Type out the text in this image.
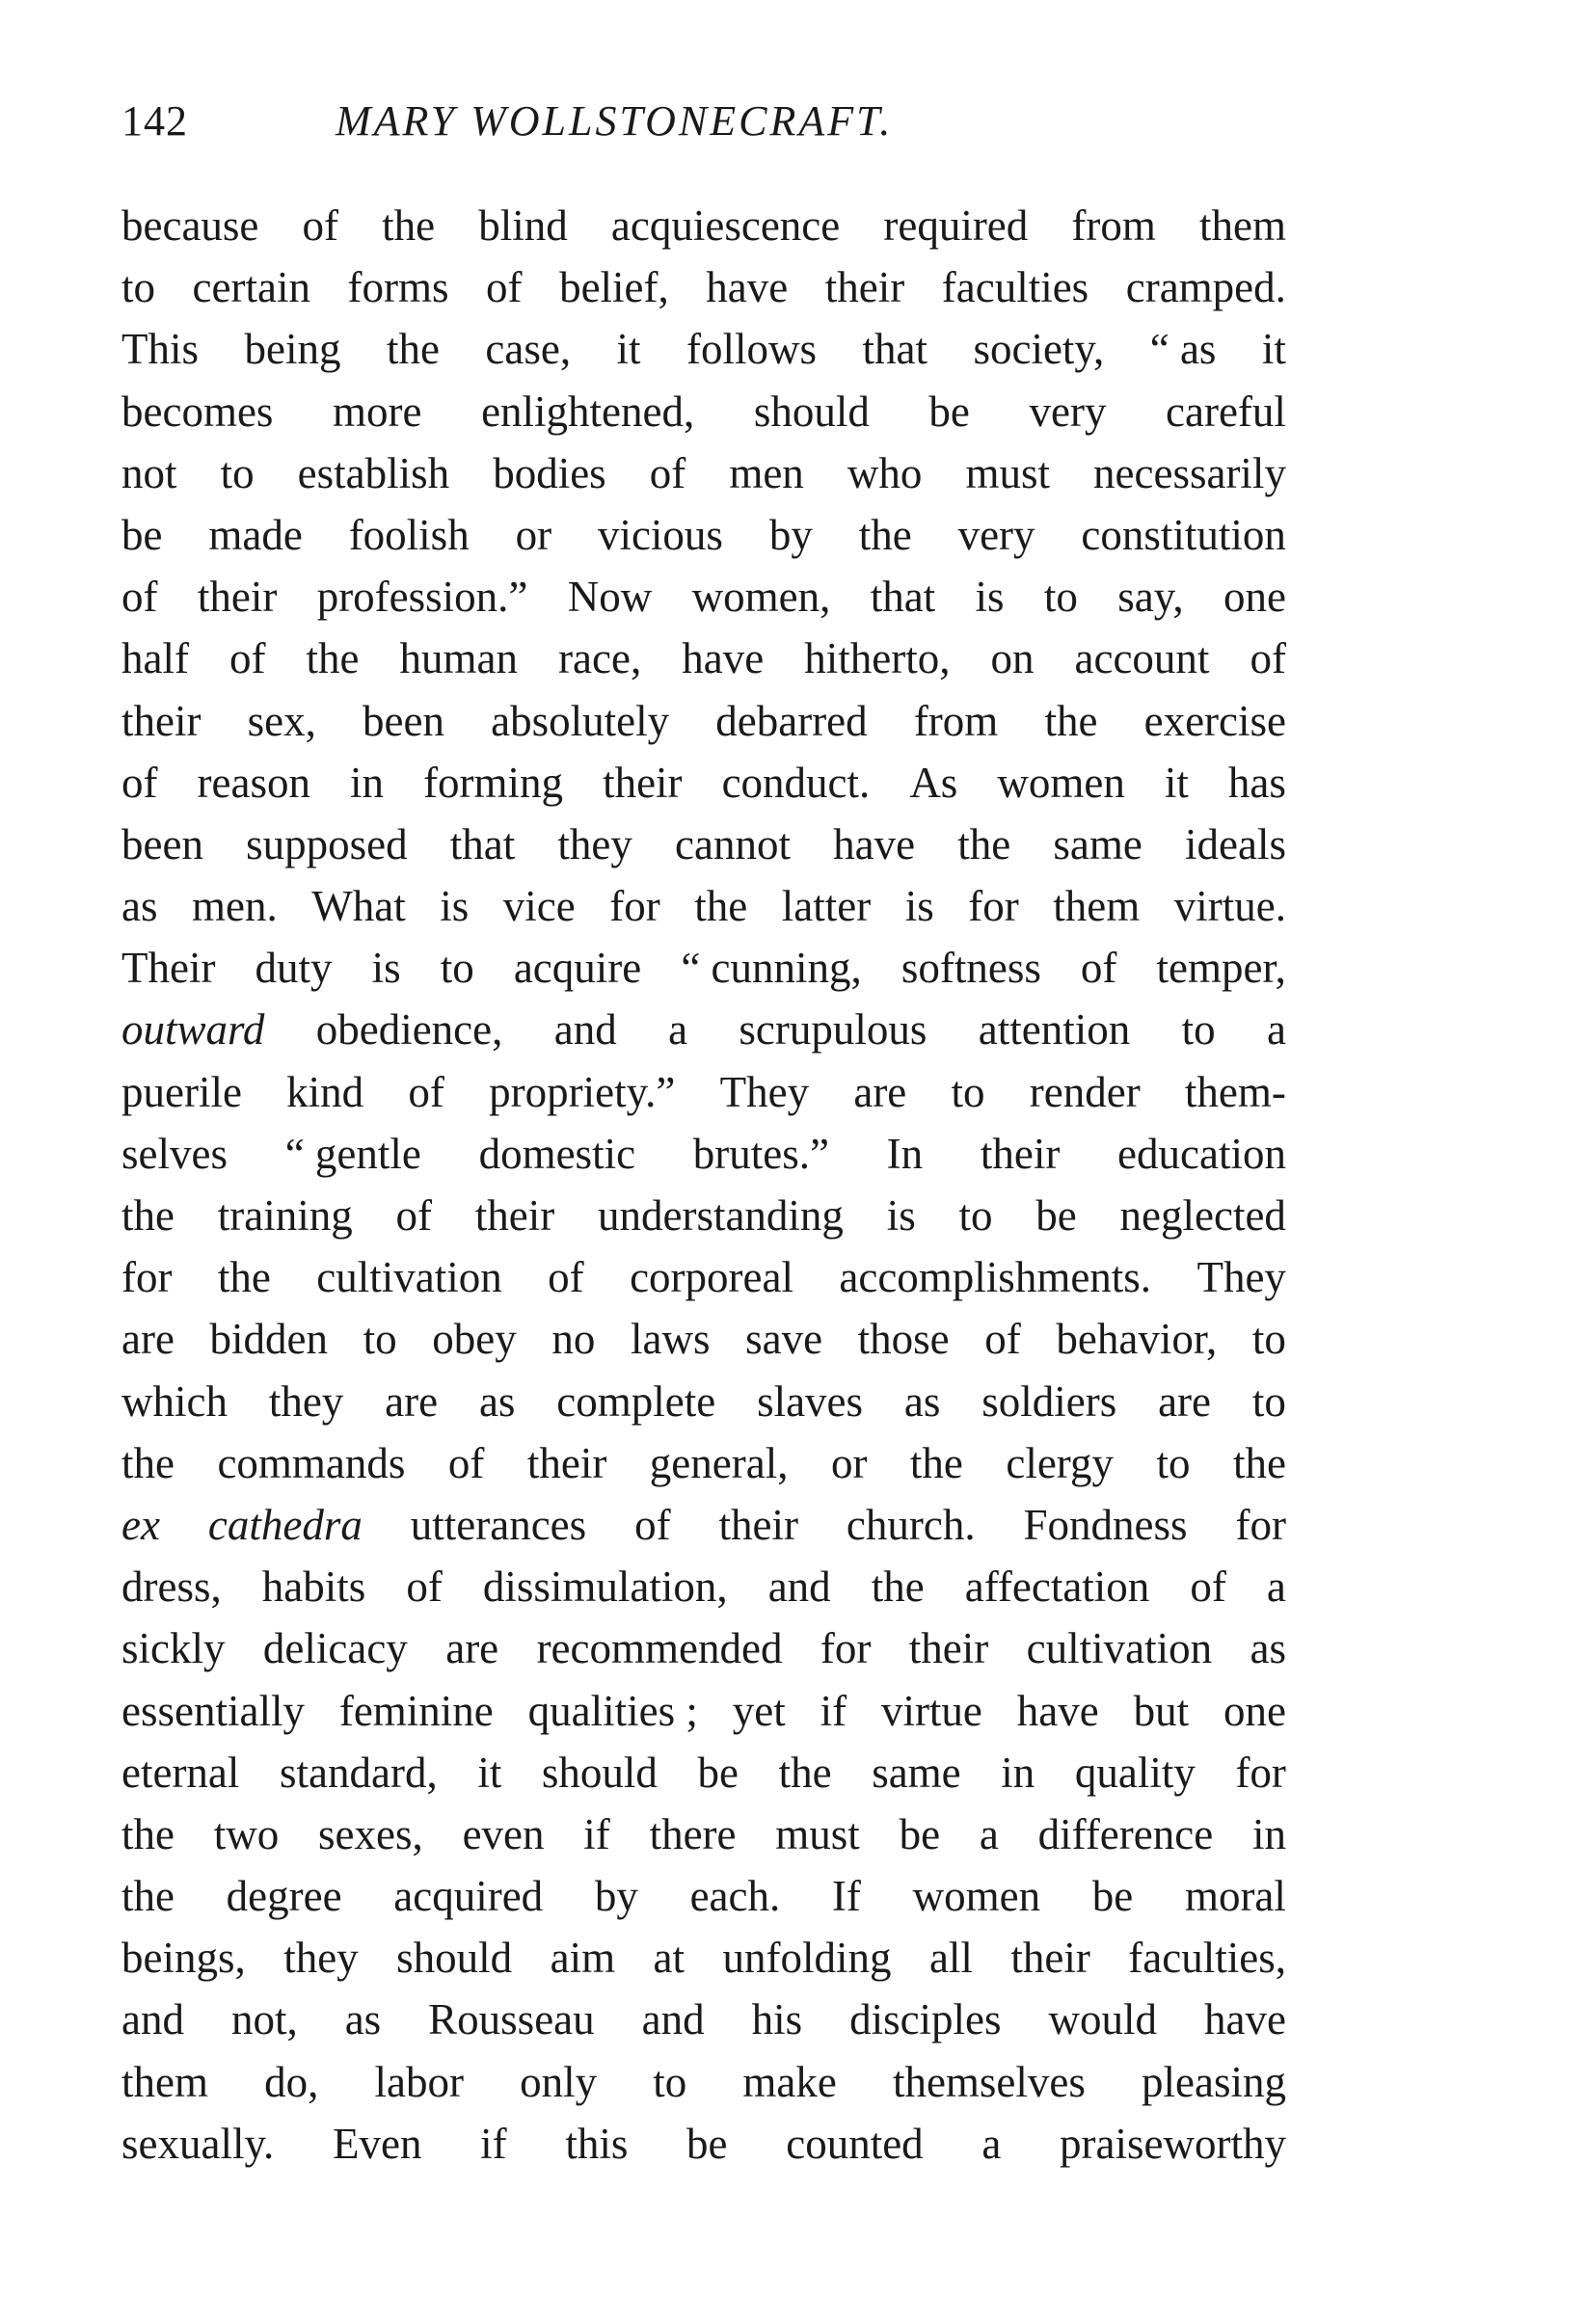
142	MARY WOLLSTONECRAFT.
because of the blind acquiescence required from them
to certain forms of belief, have their faculties cramped.
This being the case, it follows that society, “ as it
becomes more enlightened, should be very careful
not to establish bodies of men who must necessarily
be made foolish or vicious by the very constitution
of their profession.” Now women, that is to say, one
half of the human race, have hitherto, on account of
their sex, been absolutely debarred from the exercise
of reason in forming their conduct. As women it has
been supposed that they cannot have the same ideals
as men. What is vice for the latter is for them virtue.
Their duty is to acquire “ cunning, softness of temper,
outward obedience, and a scrupulous attention to a
puerile kind of propriety.” They are to render them-
selves “ gentle domestic brutes.” In their education
the training of their understanding is to be neglected
for the cultivation of corporeal accomplishments. They
are bidden to obey no laws save those of behavior, to
which they are as complete slaves as soldiers are to
the commands of their general, or the clergy to the
ex cathedra utterances of their church. Fondness for
dress, habits of dissimulation, and the affectation of a
sickly delicacy are recommended for their cultivation as
essentially feminine qualities ; yet if virtue have but one
eternal standard, it should be the same in quality for
the two sexes, even if there must be a difference in
the degree acquired by each. If women be moral
beings, they should aim at unfolding all their faculties,
and not, as Rousseau and his disciples would have
them do, labor only to make themselves pleasing
sexually. Even if this be counted a praiseworthy
